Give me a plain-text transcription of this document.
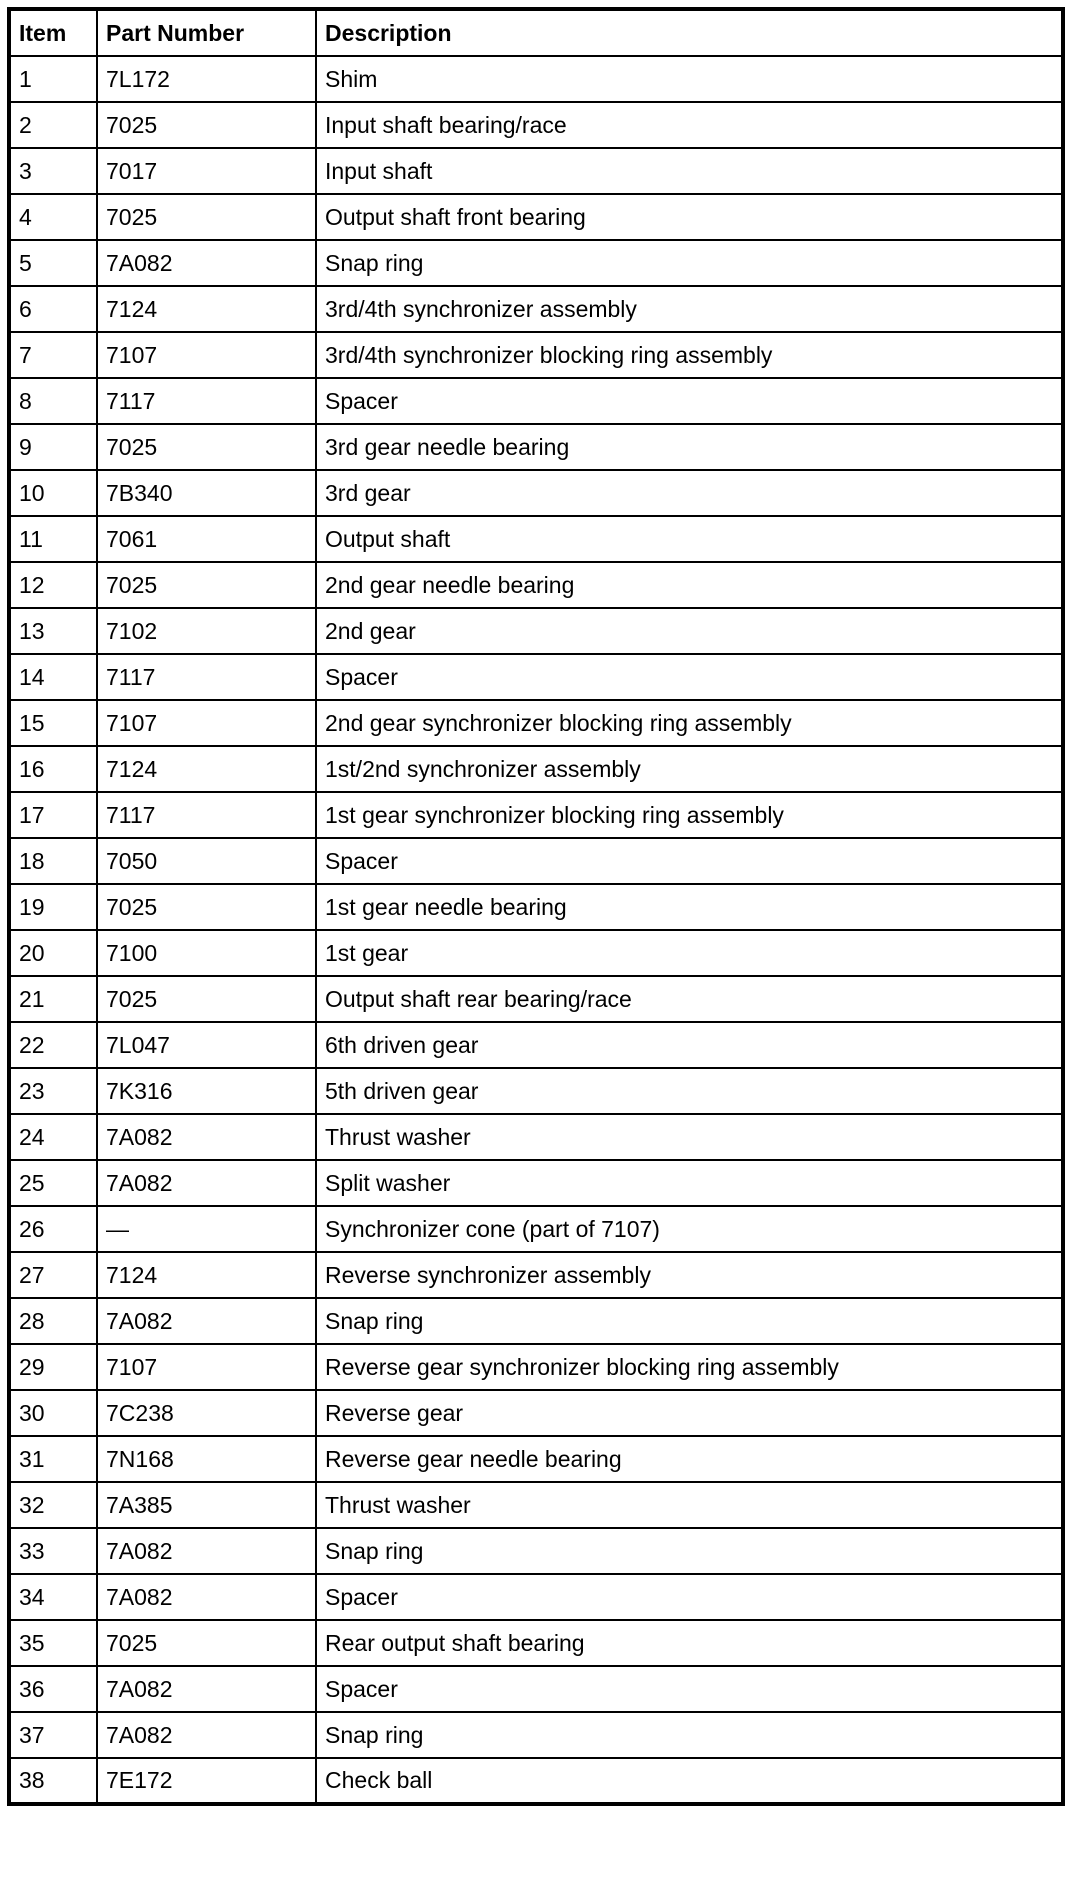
Item	Part Number	Description
1	7L172	Shim
2	7025	Input shaft bearing/race
3	7017	Input shaft
4	7025	Output shaft front bearing
5	7A082	Snap ring
6	7124	3rd/4th synchronizer assembly
7	7107	3rd/4th synchronizer blocking ring assembly
8	7117	Spacer
9	7025	3rd gear needle bearing
10	7B340	3rd gear
11	7061	Output shaft
12	7025	2nd gear needle bearing
13	7102	2nd gear
14	7117	Spacer
15	7107	2nd gear synchronizer blocking ring assembly
16	7124	1st/2nd synchronizer assembly
17	7117	1st gear synchronizer blocking ring assembly
18	7050	Spacer
19	7025	1st gear needle bearing
20	7100	1st gear
21	7025	Output shaft rear bearing/race
22	7L047	6th driven gear
23	7K316	5th driven gear
24	7A082	Thrust washer
25	7A082	Split washer
26	—	Synchronizer cone (part of 7107)
27	7124	Reverse synchronizer assembly
28	7A082	Snap ring
29	7107	Reverse gear synchronizer blocking ring assembly
30	7C238	Reverse gear
31	7N168	Reverse gear needle bearing
32	7A385	Thrust washer
33	7A082	Snap ring
34	7A082	Spacer
35	7025	Rear output shaft bearing
36	7A082	Spacer
37	7A082	Snap ring
38	7E172	Check ball
